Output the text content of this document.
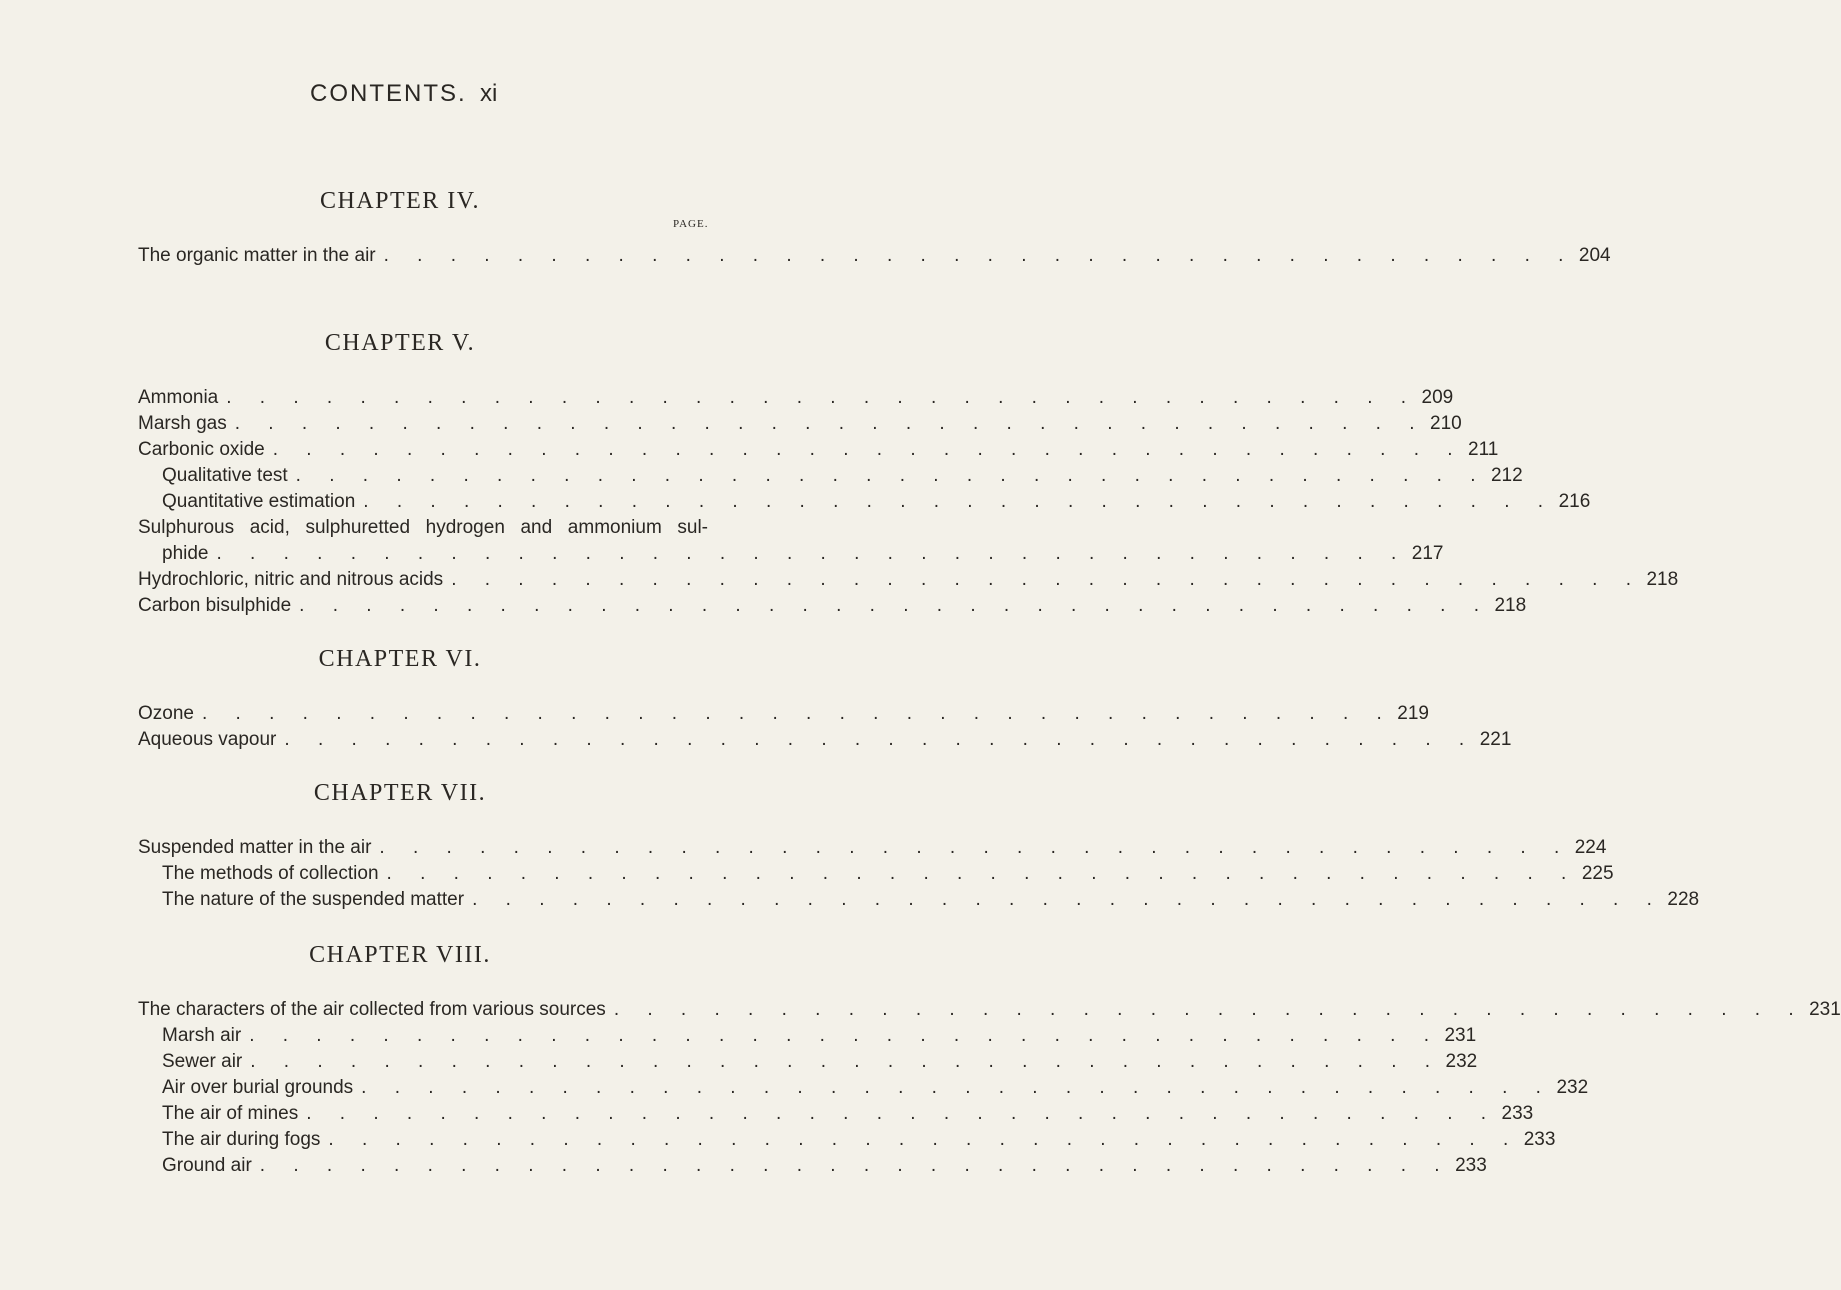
CONTENTS. xi
CHAPTER IV.
PAGE.
The organic matter in the air . . . . . . . . . . . . . . . . . . . . . . . . . . . . . . . . . . . . 204
CHAPTER V.
Ammonia . . . . . . . . . . . . . . . . . . . . . . . . . . . . . . . . . . . . 209
Marsh gas . . . . . . . . . . . . . . . . . . . . . . . . . . . . . . . . . . . . 210
Carbonic oxide . . . . . . . . . . . . . . . . . . . . . . . . . . . . . . . . . . . . 211
Qualitative test . . . . . . . . . . . . . . . . . . . . . . . . . . . . . . . . . . . . 212
Quantitative estimation . . . . . . . . . . . . . . . . . . . . . . . . . . . . . . . . . . . . 216
Sulphurous acid, sulphuretted hydrogen and ammonium sul-
phide . . . . . . . . . . . . . . . . . . . . . . . . . . . . . . . . . . . . 217
Hydrochloric, nitric and nitrous acids . . . . . . . . . . . . . . . . . . . . . . . . . . . . . . . . . . . . 218
Carbon bisulphide . . . . . . . . . . . . . . . . . . . . . . . . . . . . . . . . . . . . 218
CHAPTER VI.
Ozone . . . . . . . . . . . . . . . . . . . . . . . . . . . . . . . . . . . . 219
Aqueous vapour . . . . . . . . . . . . . . . . . . . . . . . . . . . . . . . . . . . . 221
CHAPTER VII.
Suspended matter in the air . . . . . . . . . . . . . . . . . . . . . . . . . . . . . . . . . . . . 224
The methods of collection . . . . . . . . . . . . . . . . . . . . . . . . . . . . . . . . . . . . 225
The nature of the suspended matter . . . . . . . . . . . . . . . . . . . . . . . . . . . . . . . . . . . . 228
CHAPTER VIII.
The characters of the air collected from various sources . . . . . . . . . . . . . . . . . . . . . . . . . . . . . . . . . . . . 231
Marsh air . . . . . . . . . . . . . . . . . . . . . . . . . . . . . . . . . . . . 231
Sewer air . . . . . . . . . . . . . . . . . . . . . . . . . . . . . . . . . . . . 232
Air over burial grounds . . . . . . . . . . . . . . . . . . . . . . . . . . . . . . . . . . . . 232
The air of mines . . . . . . . . . . . . . . . . . . . . . . . . . . . . . . . . . . . . 233
The air during fogs . . . . . . . . . . . . . . . . . . . . . . . . . . . . . . . . . . . . 233
Ground air . . . . . . . . . . . . . . . . . . . . . . . . . . . . . . . . . . . . 233
